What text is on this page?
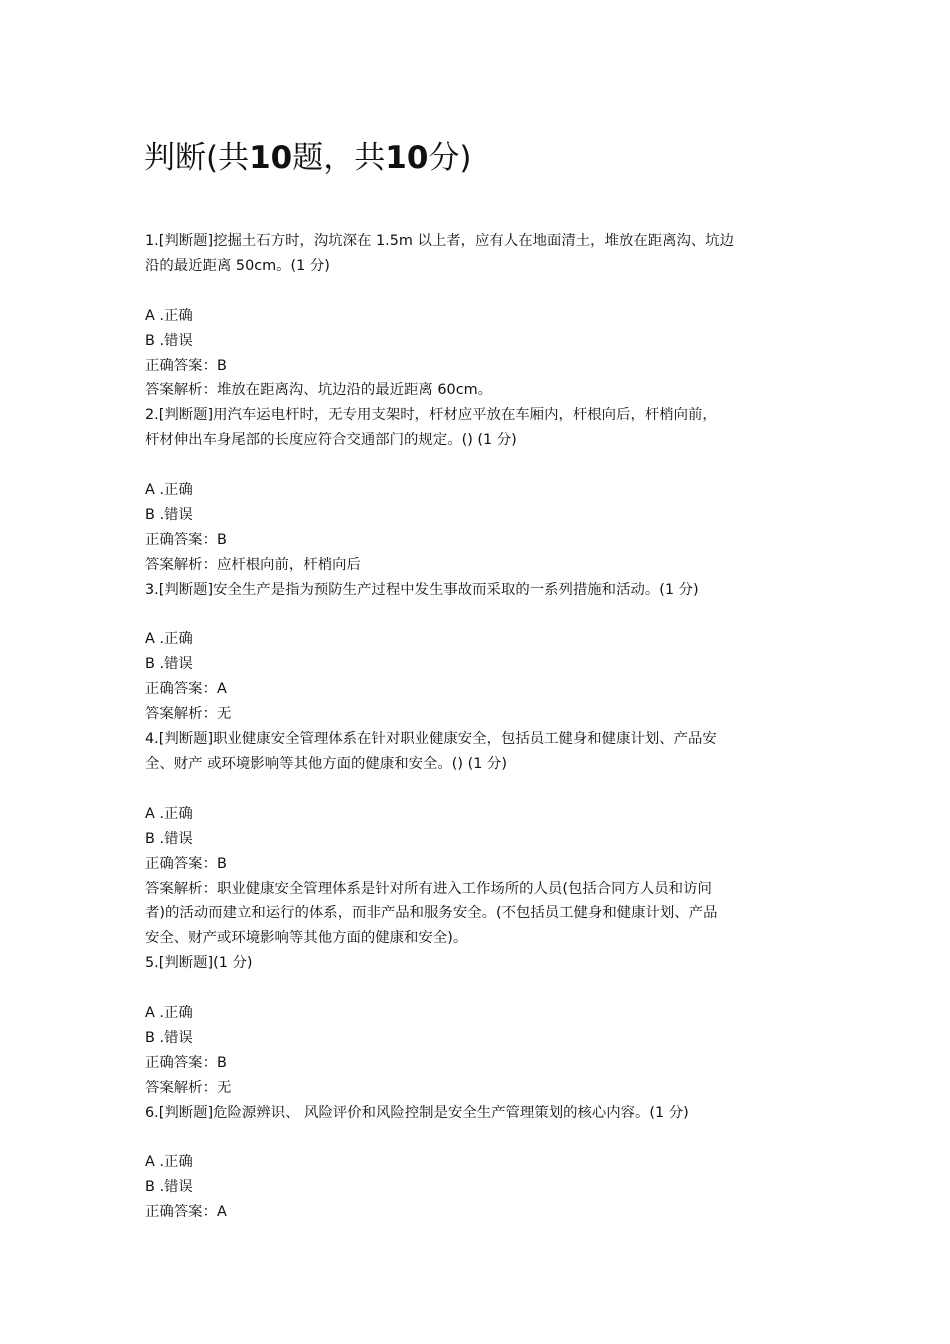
判断(共10题，共10分)
1.[判断题]挖掘土石方时，沟坑深在 1.5m 以上者，应有人在地面清土，堆放在距离沟、坑边
沿的最近距离 50cm。(1 分)
A .正确
B .错误
正确答案：B
答案解析：堆放在距离沟、坑边沿的最近距离 60cm。
2.[判断题]用汽车运电杆时，无专用支架时，杆材应平放在车厢内，杆根向后，杆梢向前，
杆材伸出车身尾部的长度应符合交通部门的规定。() (1 分)
A .正确
B .错误
正确答案：B
答案解析：应杆根向前，杆梢向后
3.[判断题]安全生产是指为预防生产过程中发生事故而采取的一系列措施和活动。(1 分)
A .正确
B .错误
正确答案：A
答案解析：无
4.[判断题]职业健康安全管理体系在针对职业健康安全，包括员工健身和健康计划、产品安
全、财产 或环境影响等其他方面的健康和安全。() (1 分)
A .正确
B .错误
正确答案：B
答案解析：职业健康安全管理体系是针对所有进入工作场所的人员(包括合同方人员和访问
者)的活动而建立和运行的体系，而非产品和服务安全。(不包括员工健身和健康计划、产品
安全、财产或环境影响等其他方面的健康和安全)。
5.[判断题](1 分)
A .正确
B .错误
正确答案：B
答案解析：无
6.[判断题]危险源辨识、 风险评价和风险控制是安全生产管理策划的核心内容。(1 分)
A .正确
B .错误
正确答案：A
